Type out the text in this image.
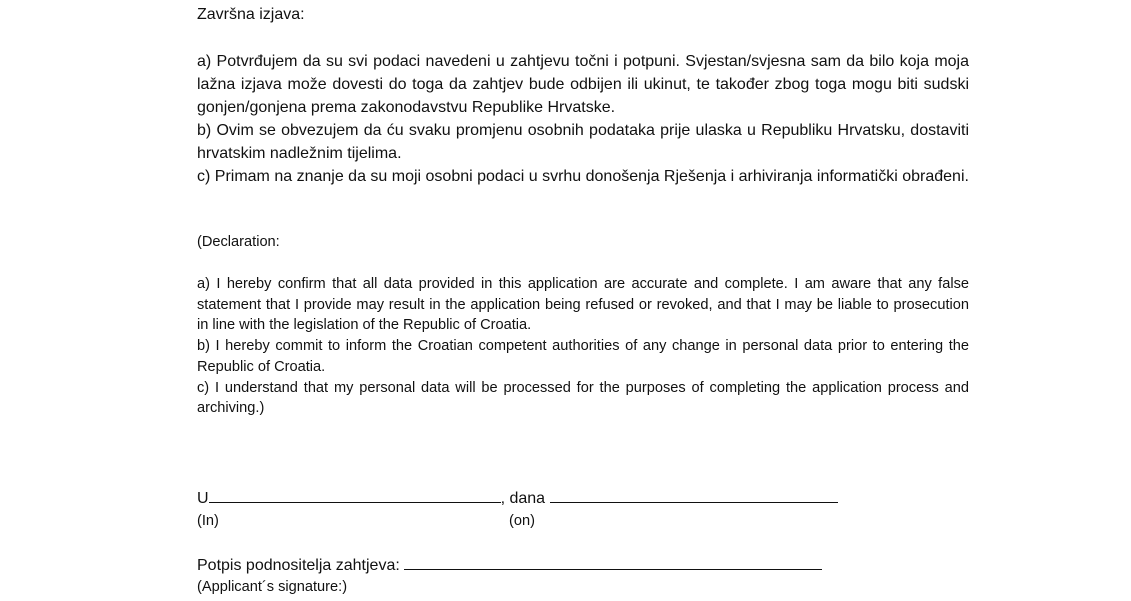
Završna izjava:

a) Potvrđujem da su svi podaci navedeni u zahtjevu točni i potpuni. Svjestan/svjesna sam da bilo koja moja lažna izjava može dovesti do toga da zahtjev bude odbijen ili ukinut, te također zbog toga mogu biti sudski gonjen/gonjena prema zakonodavstvu Republike Hrvatske.

b) Ovim se obvezujem da ću svaku promjenu osobnih podataka prije ulaska u Republiku Hrvatsku, dostaviti hrvatskim nadležnim tijelima.

c) Primam na znanje da su moji osobni podaci u svrhu donošenja Rješenja i arhiviranja informatički obrađeni.

(Declaration:

a) I hereby confirm that all data provided in this application are accurate and complete. I am aware that any false statement that I provide may result in the application being refused or revoked, and that I may be liable to prosecution in line with the legislation of the Republic of Croatia.

b) I hereby commit to inform the Croatian competent authorities of any change in personal data prior to entering the Republic of Croatia.

c) I understand that my personal data will be processed for the purposes of completing the application process and archiving.)

U	, dana
(In)	(on)
Potpis podnositelja zahtjeva:
(Applicant´s signature:)
